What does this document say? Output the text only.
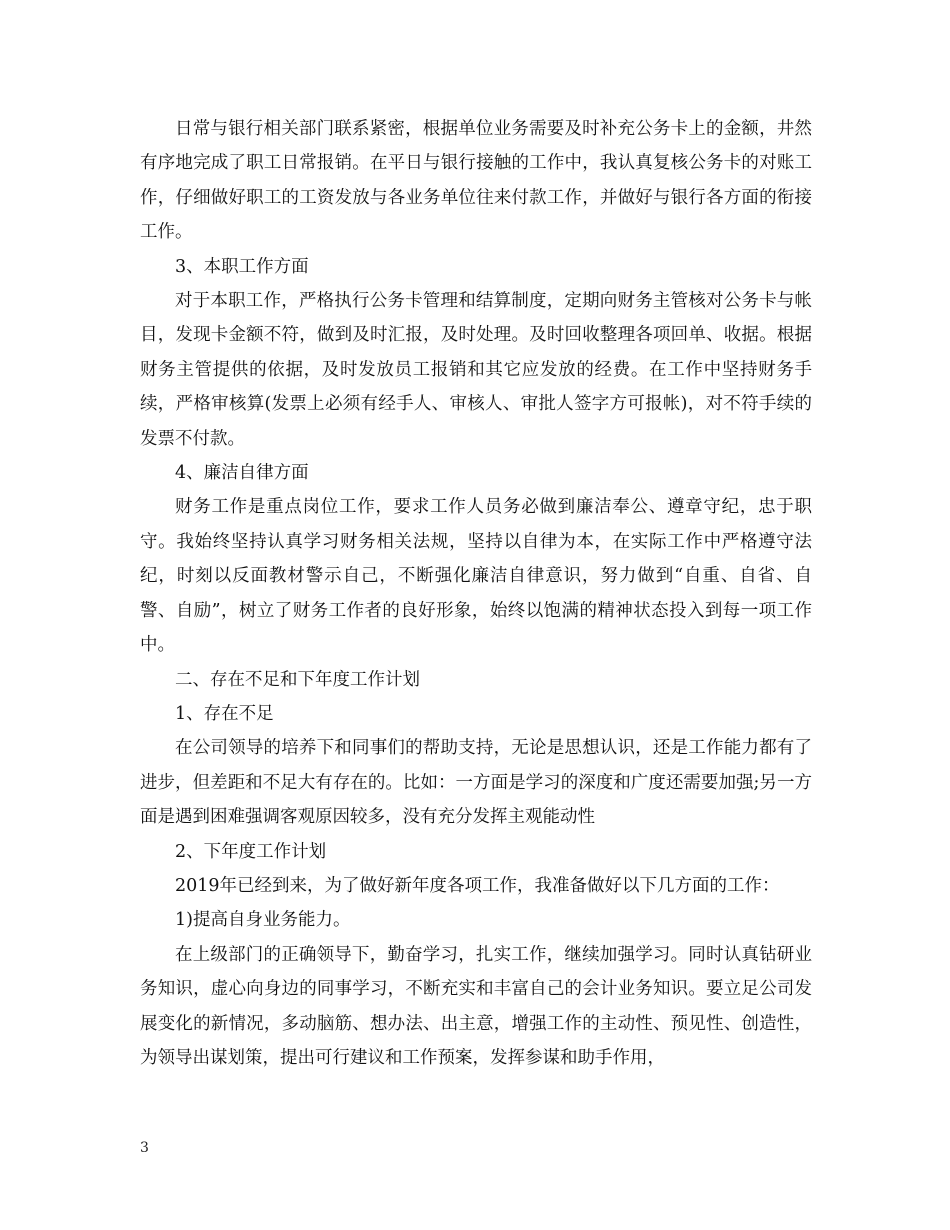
日常与银行相关部门联系紧密，根据单位业务需要及时补充公务卡上的金额，井然有序地完成了职工日常报销。在平日与银行接触的工作中，我认真复核公务卡的对账工作，仔细做好职工的工资发放与各业务单位往来付款工作，并做好与银行各方面的衔接工作。

3、本职工作方面

对于本职工作，严格执行公务卡管理和结算制度，定期向财务主管核对公务卡与帐目，发现卡金额不符，做到及时汇报，及时处理。及时回收整理各项回单、收据。根据财务主管提供的依据，及时发放员工报销和其它应发放的经费。在工作中坚持财务手续，严格审核算(发票上必须有经手人、审核人、审批人签字方可报帐)，对不符手续的发票不付款。

4、廉洁自律方面

财务工作是重点岗位工作，要求工作人员务必做到廉洁奉公、遵章守纪，忠于职守。我始终坚持认真学习财务相关法规，坚持以自律为本，在实际工作中严格遵守法纪，时刻以反面教材警示自己，不断强化廉洁自律意识，努力做到“自重、自省、自警、自励”，树立了财务工作者的良好形象，始终以饱满的精神状态投入到每一项工作中。

二、存在不足和下年度工作计划

1、存在不足

在公司领导的培养下和同事们的帮助支持，无论是思想认识，还是工作能力都有了进步，但差距和不足大有存在的。比如：一方面是学习的深度和广度还需要加强;另一方面是遇到困难强调客观原因较多，没有充分发挥主观能动性

2、下年度工作计划

2019年已经到来，为了做好新年度各项工作，我准备做好以下几方面的工作：

1)提高自身业务能力。

在上级部门的正确领导下，勤奋学习，扎实工作，继续加强学习。同时认真钻研业务知识，虚心向身边的同事学习，不断充实和丰富自己的会计业务知识。要立足公司发展变化的新情况，多动脑筋、想办法、出主意，增强工作的主动性、预见性、创造性，为领导出谋划策，提出可行建议和工作预案，发挥参谋和助手作用，

3
